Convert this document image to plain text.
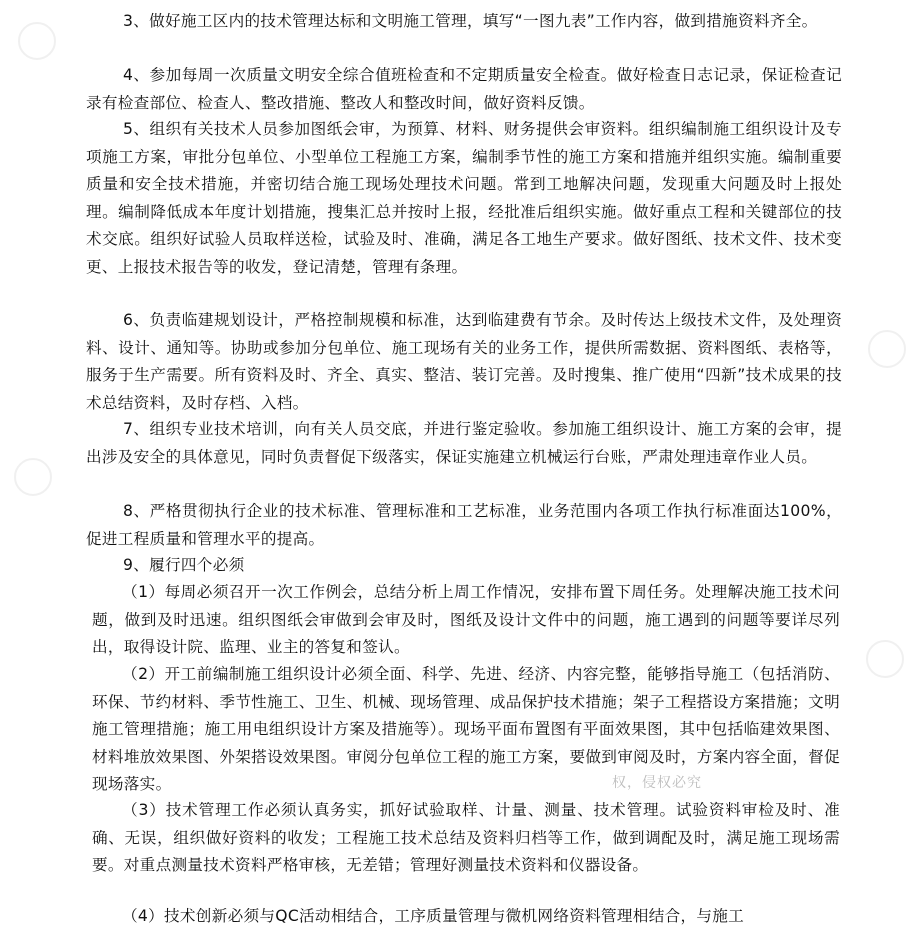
3、做好施工区内的技术管理达标和文明施工管理，填写“一图九表”工作内容，做到措施资料齐全。
4、参加每周一次质量文明安全综合值班检查和不定期质量安全检查。做好检查日志记录，保证检查记录有检查部位、检查人、整改措施、整改人和整改时间，做好资料反馈。
5、组织有关技术人员参加图纸会审，为预算、材料、财务提供会审资料。组织编制施工组织设计及专项施工方案，审批分包单位、小型单位工程施工方案，编制季节性的施工方案和措施并组织实施。编制重要质量和安全技术措施，并密切结合施工现场处理技术问题。常到工地解决问题，发现重大问题及时上报处理。编制降低成本年度计划措施，搜集汇总并按时上报，经批准后组织实施。做好重点工程和关键部位的技术交底。组织好试验人员取样送检，试验及时、准确，满足各工地生产要求。做好图纸、技术文件、技术变更、上报技术报告等的收发，登记清楚，管理有条理。
6、负责临建规划设计，严格控制规模和标准，达到临建费有节余。及时传达上级技术文件，及处理资料、设计、通知等。协助或参加分包单位、施工现场有关的业务工作，提供所需数据、资料图纸、表格等，服务于生产需要。所有资料及时、齐全、真实、整洁、装订完善。及时搜集、推广使用“四新”技术成果的技术总结资料，及时存档、入档。
7、组织专业技术培训，向有关人员交底，并进行鉴定验收。参加施工组织设计、施工方案的会审，提出涉及安全的具体意见，同时负责督促下级落实，保证实施建立机械运行台账，严肃处理违章作业人员。
8、严格贯彻执行企业的技术标准、管理标准和工艺标准，业务范围内各项工作执行标准面达100%，促进工程质量和管理水平的提高。
9、履行四个必须
（1）每周必须召开一次工作例会，总结分析上周工作情况，安排布置下周任务。处理解决施工技术问题，做到及时迅速。组织图纸会审做到会审及时，图纸及设计文件中的问题，施工遇到的问题等要详尽列出，取得设计院、监理、业主的答复和签认。
（2）开工前编制施工组织设计必须全面、科学、先进、经济、内容完整，能够指导施工（包括消防、环保、节约材料、季节性施工、卫生、机械、现场管理、成品保护技术措施；架子工程搭设方案措施；文明施工管理措施；施工用电组织设计方案及措施等）。现场平面布置图有平面效果图，其中包括临建效果图、材料堆放效果图、外架搭设效果图。审阅分包单位工程的施工方案，要做到审阅及时，方案内容全面，督促现场落实。
（3）技术管理工作必须认真务实，抓好试验取样、计量、测量、技术管理。试验资料审检及时、准确、无误，组织做好资料的收发；工程施工技术总结及资料归档等工作，做到调配及时，满足施工现场需要。对重点测量技术资料严格审核，无差错；管理好测量技术资料和仪器设备。
（4）技术创新必须与QC活动相结合，工序质量管理与微机网络资料管理相结合，与施工
权，侵权必究
